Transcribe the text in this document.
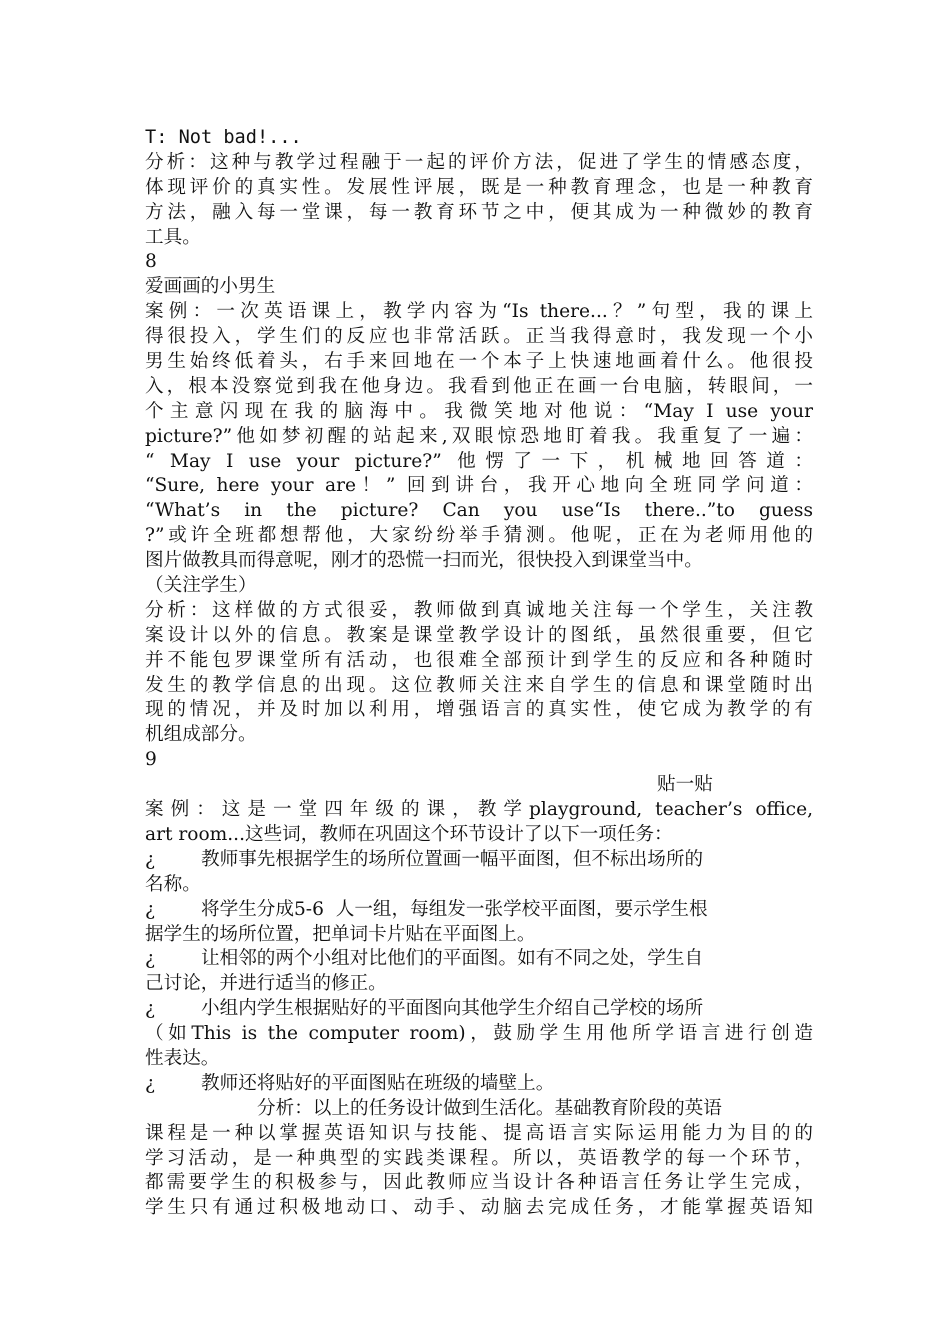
T: Not bad!...
分析：这种与教学过程融于一起的评价方法，促进了学生的情感态度，
体现评价的真实性。发展性评展，既是一种教育理念，也是一种教育
方法，融入每一堂课，每一教育环节之中，便其成为一种微妙的教育
工具。
8
爱画画的小男生
案例：一次英语课上，教学内容为“Is there...？”句型，我的课上
得很投入，学生们的反应也非常活跃。正当我得意时，我发现一个小
男生始终低着头，右手来回地在一个本子上快速地画着什么。他很投
入，根本没察觉到我在他身边。我看到他正在画一台电脑，转眼间，一
个主意闪现在我的脑海中。我微笑地对他说：“May I use your
picture?”他如梦初醒的站起来,双眼惊恐地盯着我。我重复了一遍：
“ May I use your picture?” 他愣了一下，机械地回答道：
“Sure, here your are！” 回到讲台，我开心地向全班同学问道：
“What’s in the picture? Can you use“Is there..”to guess
?”或许全班都想帮他，大家纷纷举手猜测。他呢，正在为老师用他的
图片做教具而得意呢，刚才的恐慌一扫而光，很快投入到课堂当中。
（关注学生）
分析：这样做的方式很妥，教师做到真诚地关注每一个学生，关注教
案设计以外的信息。教案是课堂教学设计的图纸，虽然很重要，但它
并不能包罗课堂所有活动，也很难全部预计到学生的反应和各种随时
发生的教学信息的出现。这位教师关注来自学生的信息和课堂随时出
现的情况，并及时加以利用，增强语言的真实性，使它成为教学的有
机组成部分。
9
贴一贴
案例：这是一堂四年级的课，教学playground, teacher’s office,
art room...这些词，教师在巩固这个环节设计了以下一项任务：
¿ 教师事先根据学生的场所位置画一幅平面图，但不标出场所的
名称。
¿ 将学生分成5-6  人一组，每组发一张学校平面图，要示学生根
据学生的场所位置，把单词卡片贴在平面图上。
¿ 让相邻的两个小组对比他们的平面图。如有不同之处，学生自
己讨论，并进行适当的修正。
¿ 小组内学生根据贴好的平面图向其他学生介绍自己学校的场所
（如This is the computer room)，鼓励学生用他所学语言进行创造
性表达。
¿ 教师还将贴好的平面图贴在班级的墙壁上。
分析：以上的任务设计做到生活化。基础教育阶段的英语
课程是一种以掌握英语知识与技能、提高语言实际运用能力为目的的
学习活动，是一种典型的实践类课程。所以，英语教学的每一个环节，
都需要学生的积极参与，因此教师应当设计各种语言任务让学生完成，
学生只有通过积极地动口、动手、动脑去完成任务，才能掌握英语知
